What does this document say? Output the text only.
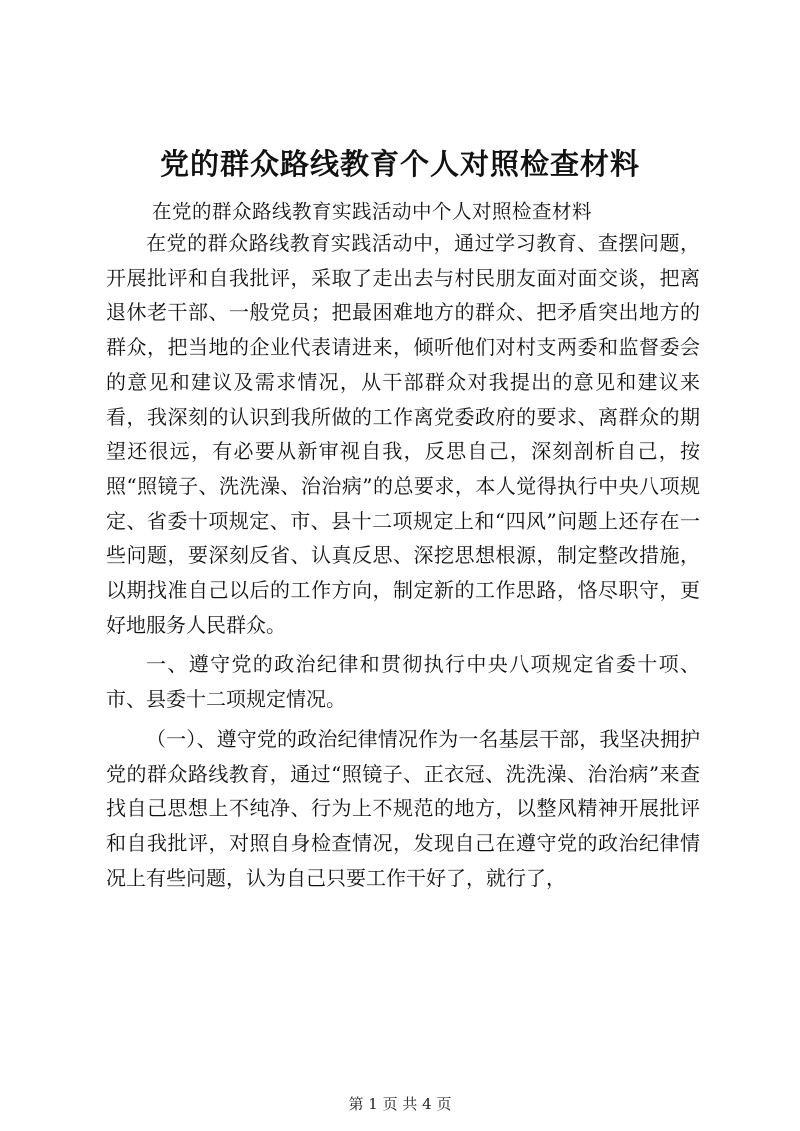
党的群众路线教育个人对照检查材料

在党的群众路线教育实践活动中个人对照检查材料

在党的群众路线教育实践活动中，通过学习教育、查摆问题，开展批评和自我批评，采取了走出去与村民朋友面对面交谈，把离退休老干部、一般党员；把最困难地方的群众、把矛盾突出地方的群众，把当地的企业代表请进来，倾听他们对村支两委和监督委会的意见和建议及需求情况，从干部群众对我提出的意见和建议来看，我深刻的认识到我所做的工作离党委政府的要求、离群众的期望还很远，有必要从新审视自我，反思自己，深刻剖析自己，按照“照镜子、洗洗澡、治治病”的总要求，本人觉得执行中央八项规定、省委十项规定、市、县十二项规定上和“四风”问题上还存在一些问题，要深刻反省、认真反思、深挖思想根源，制定整改措施，以期找准自己以后的工作方向，制定新的工作思路，恪尽职守，更好地服务人民群众。

一、遵守党的政治纪律和贯彻执行中央八项规定省委十项、市、县委十二项规定情况。

（一）、遵守党的政治纪律情况作为一名基层干部，我坚决拥护党的群众路线教育，通过“照镜子、正衣冠、洗洗澡、治治病”来查找自己思想上不纯净、行为上不规范的地方，以整风精神开展批评和自我批评，对照自身检查情况，发现自己在遵守党的政治纪律情况上有些问题，认为自己只要工作干好了，就行了，

第 1 页 共 4 页
